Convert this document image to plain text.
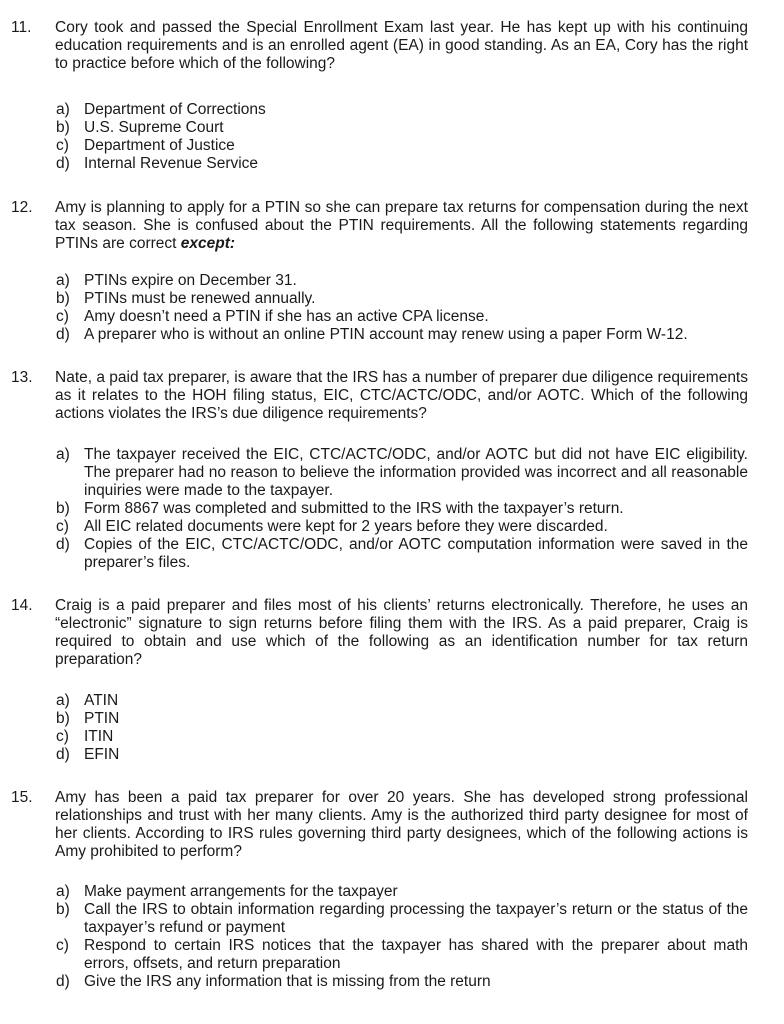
11. Cory took and passed the Special Enrollment Exam last year. He has kept up with his continuing education requirements and is an enrolled agent (EA) in good standing. As an EA, Cory has the right to practice before which of the following?
a) Department of Corrections
b) U.S. Supreme Court
c) Department of Justice
d) Internal Revenue Service
12. Amy is planning to apply for a PTIN so she can prepare tax returns for compensation during the next tax season. She is confused about the PTIN requirements. All the following statements regarding PTINs are correct except:
a) PTINs expire on December 31.
b) PTINs must be renewed annually.
c) Amy doesn’t need a PTIN if she has an active CPA license.
d) A preparer who is without an online PTIN account may renew using a paper Form W-12.
13. Nate, a paid tax preparer, is aware that the IRS has a number of preparer due diligence requirements as it relates to the HOH filing status, EIC, CTC/ACTC/ODC, and/or AOTC. Which of the following actions violates the IRS’s due diligence requirements?
a) The taxpayer received the EIC, CTC/ACTC/ODC, and/or AOTC but did not have EIC eligibility. The preparer had no reason to believe the information provided was incorrect and all reasonable inquiries were made to the taxpayer.
b) Form 8867 was completed and submitted to the IRS with the taxpayer’s return.
c) All EIC related documents were kept for 2 years before they were discarded.
d) Copies of the EIC, CTC/ACTC/ODC, and/or AOTC computation information were saved in the preparer’s files.
14. Craig is a paid preparer and files most of his clients’ returns electronically. Therefore, he uses an “electronic” signature to sign returns before filing them with the IRS. As a paid preparer, Craig is required to obtain and use which of the following as an identification number for tax return preparation?
a) ATIN
b) PTIN
c) ITIN
d) EFIN
15. Amy has been a paid tax preparer for over 20 years. She has developed strong professional relationships and trust with her many clients. Amy is the authorized third party designee for most of her clients. According to IRS rules governing third party designees, which of the following actions is Amy prohibited to perform?
a) Make payment arrangements for the taxpayer
b) Call the IRS to obtain information regarding processing the taxpayer’s return or the status of the taxpayer’s refund or payment
c) Respond to certain IRS notices that the taxpayer has shared with the preparer about math errors, offsets, and return preparation
d) Give the IRS any information that is missing from the return
